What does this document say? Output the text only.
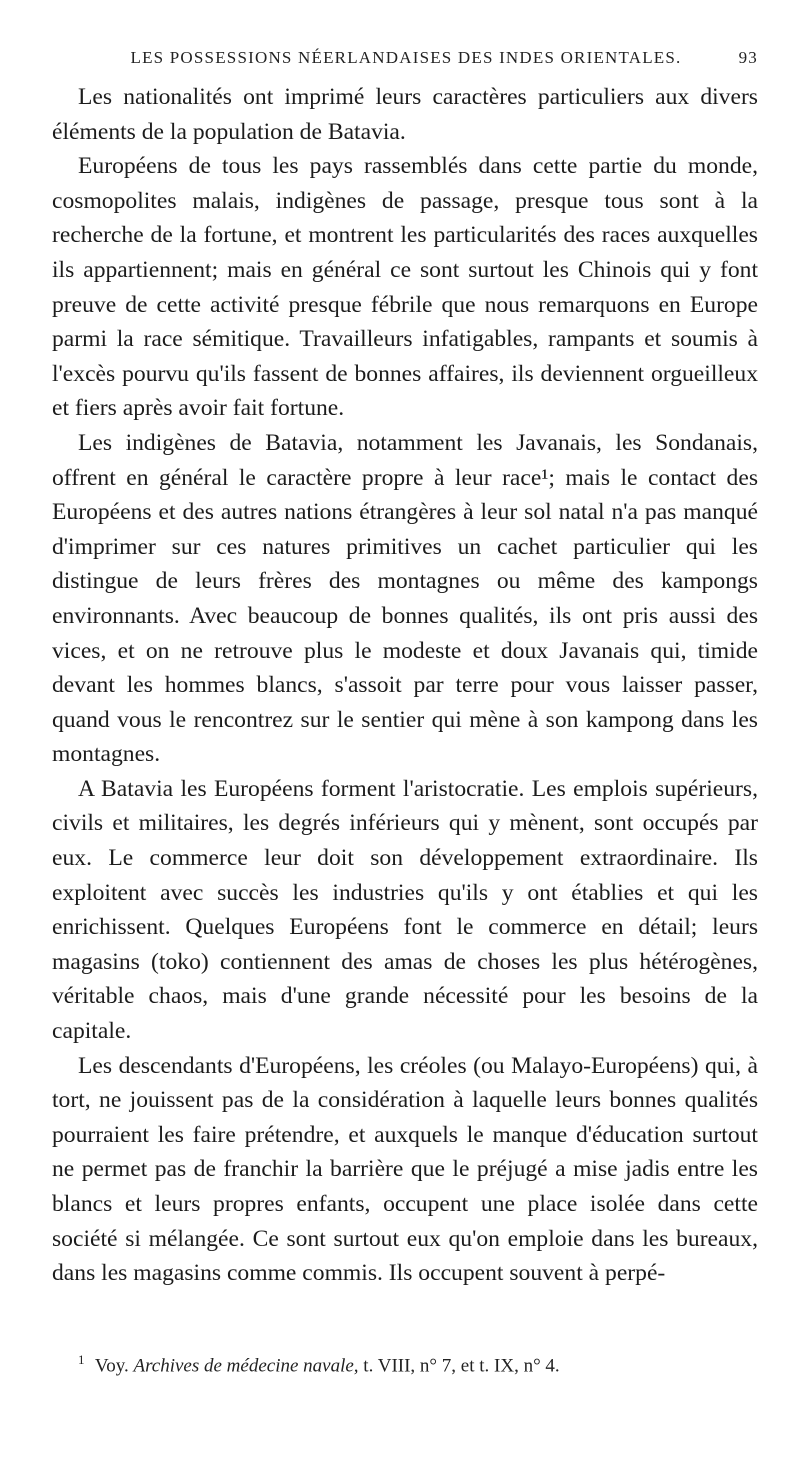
LES POSSESSIONS NÉERLANDAISES DES INDES ORIENTALES.	93

Les nationalités ont imprimé leurs caractères particuliers aux divers éléments de la population de Batavia.

Européens de tous les pays rassemblés dans cette partie du monde, cosmopolites malais, indigènes de passage, presque tous sont à la recherche de la fortune, et montrent les particularités des races auxquelles ils appartiennent; mais en général ce sont surtout les Chinois qui y font preuve de cette activité presque fébrile que nous remarquons en Europe parmi la race sémitique. Travailleurs infatigables, rampants et soumis à l'excès pourvu qu'ils fassent de bonnes affaires, ils deviennent orgueilleux et fiers après avoir fait fortune.

Les indigènes de Batavia, notamment les Javanais, les Sondanais, offrent en général le caractère propre à leur race¹; mais le contact des Européens et des autres nations étrangères à leur sol natal n'a pas manqué d'imprimer sur ces natures primitives un cachet particulier qui les distingue de leurs frères des montagnes ou même des kampongs environnants. Avec beaucoup de bonnes qualités, ils ont pris aussi des vices, et on ne retrouve plus le modeste et doux Javanais qui, timide devant les hommes blancs, s'assoit par terre pour vous laisser passer, quand vous le rencontrez sur le sentier qui mène à son kampong dans les montagnes.

A Batavia les Européens forment l'aristocratie. Les emplois supérieurs, civils et militaires, les degrés inférieurs qui y mènent, sont occupés par eux. Le commerce leur doit son développement extraordinaire. Ils exploitent avec succès les industries qu'ils y ont établies et qui les enrichissent. Quelques Européens font le commerce en détail; leurs magasins (toko) contiennent des amas de choses les plus hétérogènes, véritable chaos, mais d'une grande nécessité pour les besoins de la capitale.

Les descendants d'Européens, les créoles (ou Malayo-Européens) qui, à tort, ne jouissent pas de la considération à laquelle leurs bonnes qualités pourraient les faire prétendre, et auxquels le manque d'éducation surtout ne permet pas de franchir la barrière que le préjugé a mise jadis entre les blancs et leurs propres enfants, occupent une place isolée dans cette société si mélangée. Ce sont surtout eux qu'on emploie dans les bureaux, dans les magasins comme commis. Ils occupent souvent à perpé-

$^1$ Voy. Archives de médecine navale, t. VIII, n° 7, et t. IX, n° 4.
